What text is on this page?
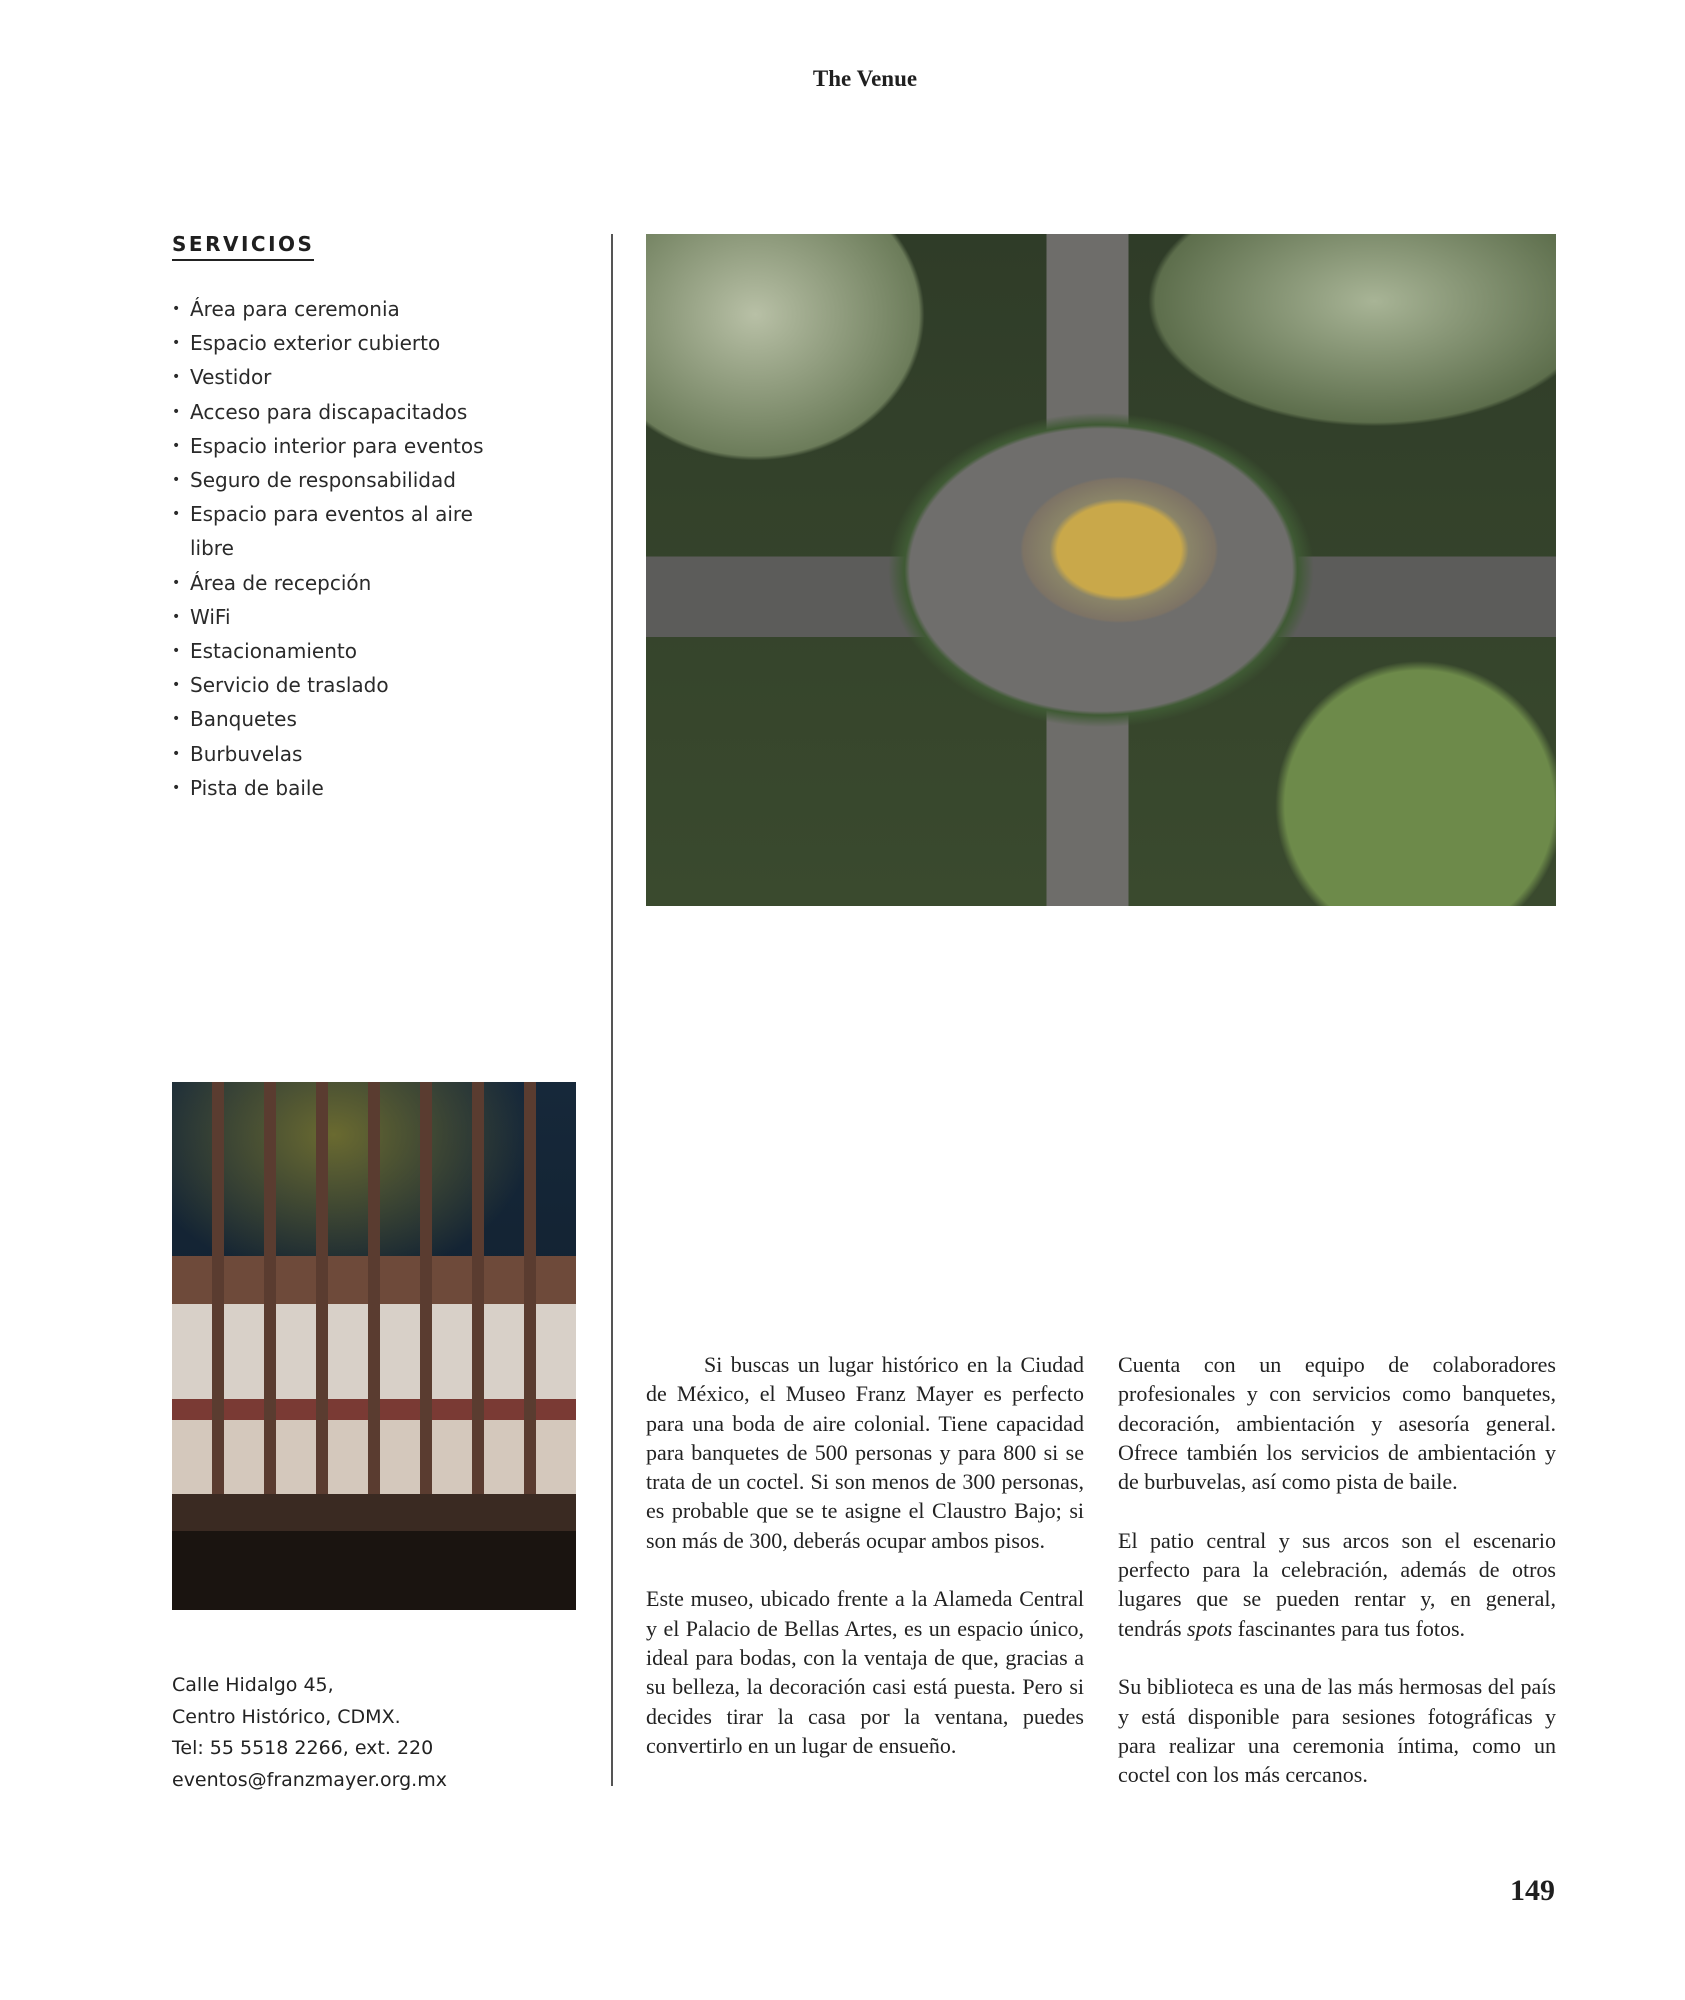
The Venue
SERVICIOS
• Área para ceremonia
• Espacio exterior cubierto
• Vestidor
• Acceso para discapacitados
• Espacio interior para eventos
• Seguro de responsabilidad
• Espacio para eventos al aire libre
• Área de recepción
• WiFi
• Estacionamiento
• Servicio de traslado
• Banquetes
• Burbuvelas
• Pista de baile
Calle Hidalgo 45,
Centro Histórico, CDMX.
Tel: 55 5518 2266, ext. 220
eventos@franzmayer.org.mx

Si buscas un lugar histórico en la Ciudad de México, el Museo Franz Mayer es perfecto para una boda de aire colonial. Tiene capacidad para banquetes de 500 personas y para 800 si se trata de un coctel. Si son menos de 300 personas, es probable que se te asigne el Claustro Bajo; si son más de 300, deberás ocupar ambos pisos.

Este museo, ubicado frente a la Alameda Central y el Palacio de Bellas Artes, es un espacio único, ideal para bodas, con la ventaja de que, gracias a su belleza, la decoración casi está puesta. Pero si decides tirar la casa por la ventana, puedes convertirlo en un lugar de ensueño.

Cuenta con un equipo de colaboradores profesionales y con servicios como banquetes, decoración, ambientación y asesoría general. Ofrece también los servicios de ambientación y de burbuvelas, así como pista de baile.

El patio central y sus arcos son el escenario perfecto para la celebración, además de otros lugares que se pueden rentar y, en general, tendrás spots fascinantes para tus fotos.

Su biblioteca es una de las más hermosas del país y está disponible para sesiones fotográficas y para realizar una ceremonia íntima, como un coctel con los más cercanos.

149
